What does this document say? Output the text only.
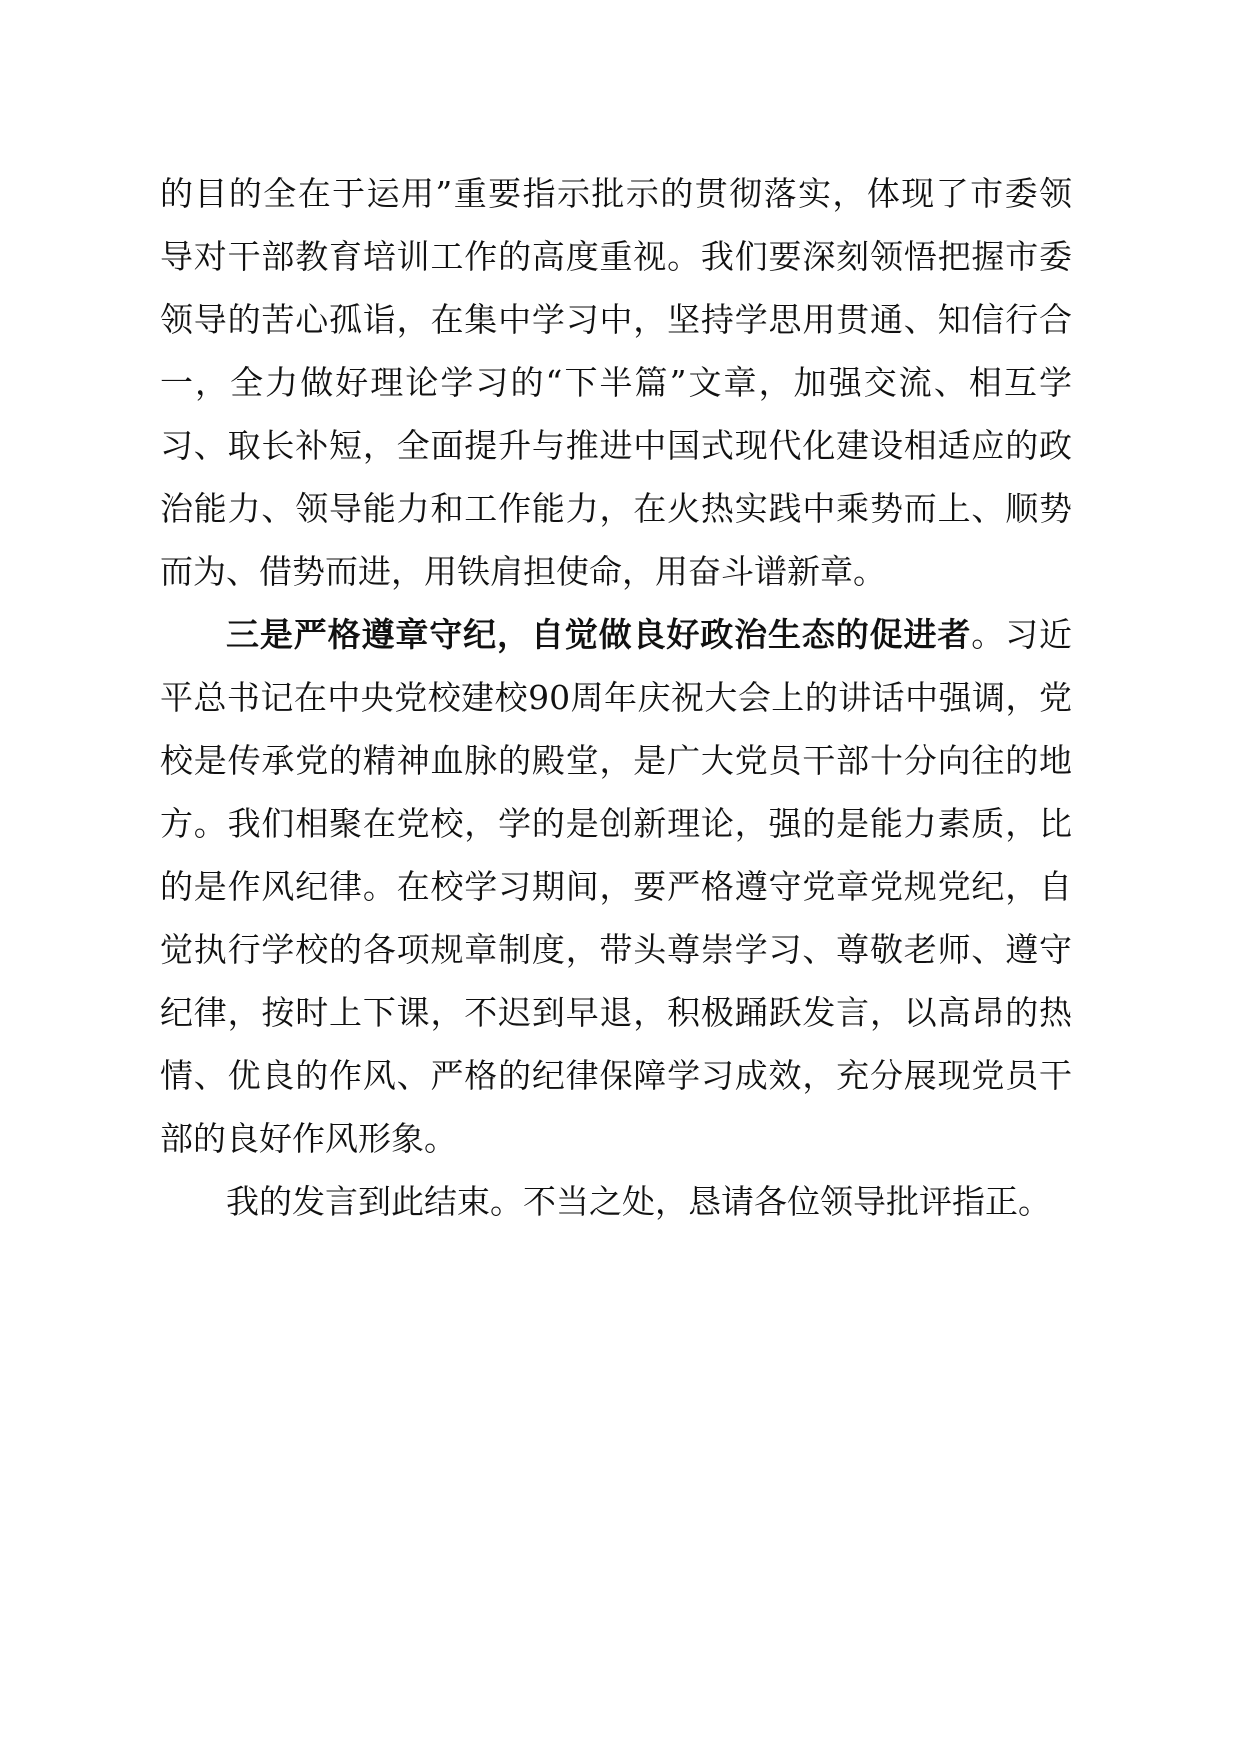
的目的全在于运用”重要指示批示的贯彻落实，体现了市委领
导对干部教育培训工作的高度重视。我们要深刻领悟把握市委
领导的苦心孤诣，在集中学习中，坚持学思用贯通、知信行合
一，全力做好理论学习的“下半篇”文章，加强交流、相互学
习、取长补短，全面提升与推进中国式现代化建设相适应的政
治能力、领导能力和工作能力，在火热实践中乘势而上、顺势
而为、借势而进，用铁肩担使命，用奋斗谱新章。
三是严格遵章守纪，自觉做良好政治生态的促进者。习近
平总书记在中央党校建校90周年庆祝大会上的讲话中强调，党
校是传承党的精神血脉的殿堂，是广大党员干部十分向往的地
方。我们相聚在党校，学的是创新理论，强的是能力素质，比
的是作风纪律。在校学习期间，要严格遵守党章党规党纪，自
觉执行学校的各项规章制度，带头尊崇学习、尊敬老师、遵守
纪律，按时上下课，不迟到早退，积极踊跃发言，以高昂的热
情、优良的作风、严格的纪律保障学习成效，充分展现党员干
部的良好作风形象。
我的发言到此结束。不当之处，恳请各位领导批评指正。
